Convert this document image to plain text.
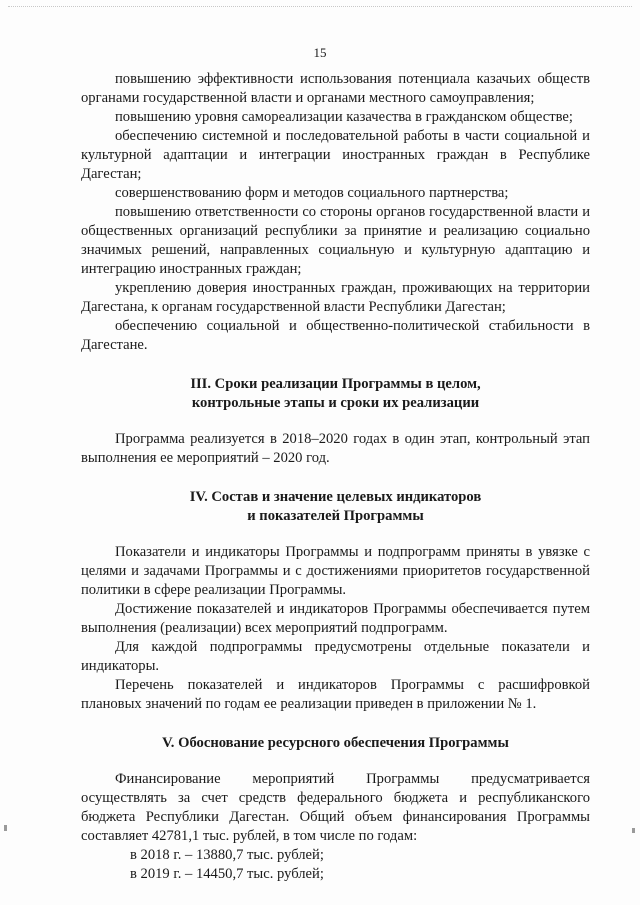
15

повышению эффективности использования потенциала казачьих обществ органами государственной власти и органами местного самоуправления;

повышению уровня самореализации казачества в гражданском обществе;

обеспечению системной и последовательной работы в части социальной и культурной адаптации и интеграции иностранных граждан в Республике Дагестан;

совершенствованию форм и методов социального партнерства;

повышению ответственности со стороны органов государственной власти и общественных организаций республики за принятие и реализацию социально значимых решений, направленных социальную и культурную адаптацию и интеграцию иностранных граждан;

укреплению доверия иностранных граждан, проживающих на территории Дагестана, к органам государственной власти Республики Дагестан;

обеспечению социальной и общественно-политической стабильности в Дагестане.

III. Сроки реализации Программы в целом,

контрольные этапы и сроки их реализации

Программа реализуется в 2018–2020 годах в один этап, контрольный этап выполнения ее мероприятий – 2020 год.

IV. Состав и значение целевых индикаторов

и показателей Программы

Показатели и индикаторы Программы и подпрограмм приняты в увязке с целями и задачами Программы и с достижениями приоритетов государственной политики в сфере реализации Программы.

Достижение показателей и индикаторов Программы обеспечивается путем выполнения (реализации) всех мероприятий подпрограмм.

Для каждой подпрограммы предусмотрены отдельные показатели и индикаторы.

Перечень показателей и индикаторов Программы с расшифровкой плановых значений по годам ее реализации приведен в приложении № 1.

V. Обоснование ресурсного обеспечения Программы

Финансирование мероприятий Программы предусматривается осуществлять за счет средств федерального бюджета и республиканского бюджета Республики Дагестан. Общий объем финансирования Программы составляет 42781,1 тыс. рублей, в том числе по годам:

в 2018 г. – 13880,7 тыс. рублей;

в 2019 г. – 14450,7 тыс. рублей;
